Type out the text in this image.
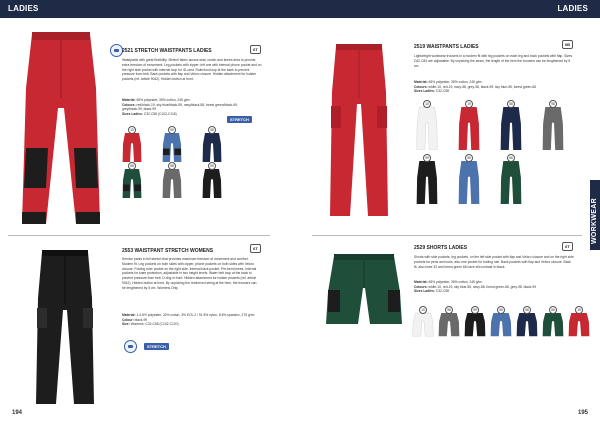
LADIES
2521 STRETCH WAISTPANTS LADIES	6T
Waistpants with great flexibility. Stretch fabric across seat, crotch and knees area to provide extra freedom of movement. Leg pockets with zipper; left one with internal phone pocket and on the right side pocket with internal loop for ID-card. Ruler/tool loop at the back to prevent pressure from belt. Back pockets with flap and Velcro closure. Hidden attachment for holster pockets (ref. article 9042). Hidden button at front.
Material: 65% polyester, 35% cotton, 245 g/m²
Colours: red/black-19, sky blue/black-59, navy/black-58, forest green/black-69, grey/black-99, black-99
Sizes Ladies: C32-C58 (C102-C118)
STRETCH
19	59	58
69	98	99
2553 WAISTPANT STRETCH WOMENS	6T
Service pants in full stretch that provides maximum freedom of movement and comfort. Modern fit. Leg pockets on both sides with zipper, phone pockets on both sides with Velcro closure. Folding ruler pocket on the right side. Internal back pocket. Pre-bent knees. Internal pockets for knee protection, adjustable in two height levels. Water belt loop at the back to prevent pressure from belt. D-ring in front. Hidden attachment for holster pockets (ref. article 9042). Hidden button at front. By unpicking the reinforced string at the hem, the trousers can be lengthened by 5 cm. Womens Only.
Material: 1-4.5% polyester, 32% cotton, 3% EOL 2 / 91.5% nylon, 8.5% spandex, 275 g/m²
Colour: black-99
Size: Womens: C32-C58 (C102-C120)
STRETCH
194
LADIES
2519 WAISTPANTS LADIES	6B
Lightweight workwear trousers in a modern fit with leg pockets on each leg and back pockets with flap. Sizes C62-C84 are adjustable. By unpicking the seam, the length of the hem the trousers can be lengthened by 5 cm.
Material: 65% polyester, 35% cotton, 245 g/m²
Colours: white-10, red-19, navy-58, grey-98, black-99, sky blue-55, forest green-66
Sizes Ladies: C32-C58
10	19	58	98
99	55	66
2529 SHORTS LADIES	6T
Shorts with side pockets, leg pockets, on the left side pocket with flap and Velcro closure and on the right side pockets for pens and tools, also one pocket for folding rule. Back pockets with flap and Velcro closure. Back fit, also knee 33 and forest green 66 have slit contrast in black.
Material: 65% polyester, 35% cotton, 245 g/m²
Colours: white-10, red-19, sky blue-55, navy-58, forest green-66, grey-98, black-99
Sizes Ladies: C32-C58
10	98	99	55	58	66	19
WORKWEAR
195
